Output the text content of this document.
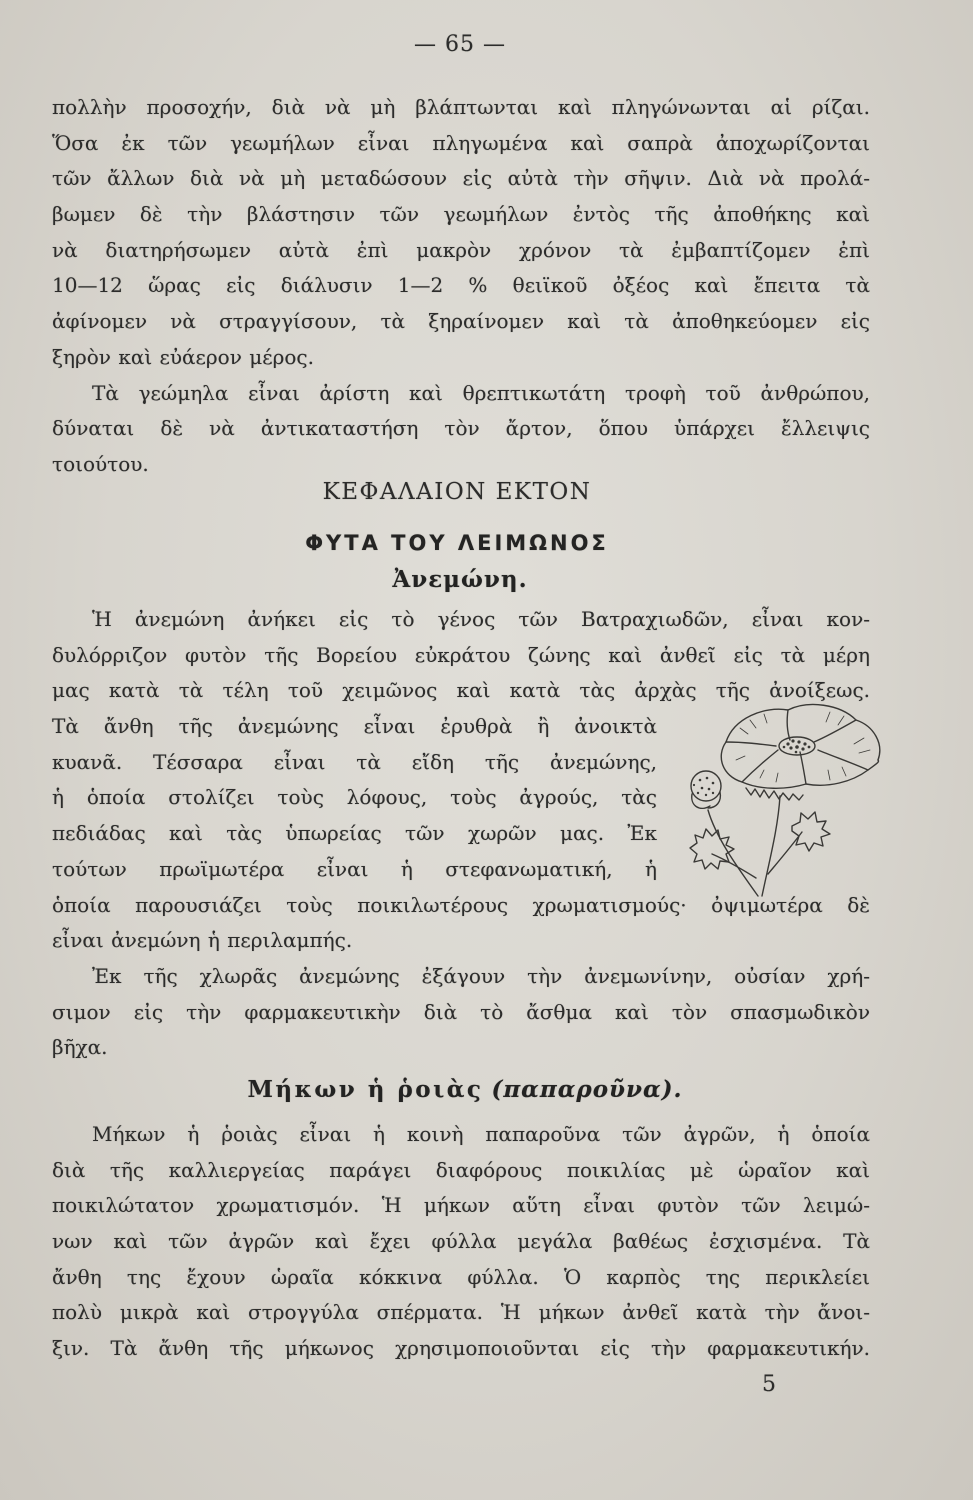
— 65 —
πολλὴν προσοχήν, διὰ νὰ μὴ βλάπτωνται καὶ πληγώνωνται αἱ ρίζαι.
Ὅσα ἐκ τῶν γεωμήλων εἶναι πληγωμένα καὶ σαπρὰ ἀποχωρίζονται
τῶν ἄλλων διὰ νὰ μὴ μεταδώσουν εἰς αὐτὰ τὴν σῆψιν. Διὰ νὰ προλά-
βωμεν δὲ τὴν βλάστησιν τῶν γεωμήλων ἐντὸς τῆς ἀποθήκης καὶ
νὰ διατηρήσωμεν αὐτὰ ἐπὶ μακρὸν χρόνον τὰ ἐμβαπτίζομεν ἐπὶ
10—12 ὥρας εἰς διάλυσιν 1—2 % θειϊκοῦ ὀξέος καὶ ἔπειτα τὰ
ἀφίνομεν νὰ στραγγίσουν, τὰ ξηραίνομεν καὶ τὰ ἀποθηκεύομεν εἰς
ξηρὸν καὶ εὐάερον μέρος.
Τὰ γεώμηλα εἶναι ἀρίστη καὶ θρεπτικωτάτη τροφὴ τοῦ ἀνθρώπου,
δύναται δὲ νὰ ἀντικαταστήση τὸν ἄρτον, ὅπου ὑπάρχει ἔλλειψις
τοιούτου.
ΚΕΦΑΛΑΙΟΝ ΕΚΤΟΝ
ΦΥΤΑ ΤΟΥ ΛΕΙΜΩΝΟΣ
Ἀνεμώνη.
Ἡ ἀνεμώνη ἀνήκει εἰς τὸ γένος τῶν Βατραχιωδῶν, εἶναι κον-
δυλόρριζον φυτὸν τῆς Βορείου εὐκράτου ζώνης καὶ ἀνθεῖ εἰς τὰ μέρη
μας κατὰ τὰ τέλη τοῦ χειμῶνος καὶ κατὰ τὰς ἀρχὰς τῆς ἀνοίξεως.
Τὰ ἄνθη τῆς ἀνεμώνης εἶναι ἐρυθρὰ ἢ ἀνοικτὰ
κυανᾶ. Τέσσαρα εἶναι τὰ εἴδη τῆς ἀνεμώνης,
ἡ ὁποία στολίζει τοὺς λόφους, τοὺς ἀγρούς, τὰς
πεδιάδας καὶ τὰς ὑπωρείας τῶν χωρῶν μας. Ἐκ
τούτων πρωϊμωτέρα εἶναι ἡ στεφανωματική, ἡ
ὁποία παρουσιάζει τοὺς ποικιλωτέρους χρωματισμούς· ὀψιμωτέρα δὲ
εἶναι ἀνεμώνη ἡ περιλαμπής.
Ἐκ τῆς χλωρᾶς ἀνεμώνης ἐξάγουν τὴν ἀνεμωνίνην, οὐσίαν χρή-
σιμον εἰς τὴν φαρμακευτικὴν διὰ τὸ ἄσθμα καὶ τὸν σπασμωδικὸν
βῆχα.
Μήκων ἡ ῥοιὰς (παπαροῦνα).
Μήκων ἡ ῥοιὰς εἶναι ἡ κοινὴ παπαροῦνα τῶν ἀγρῶν, ἡ ὁποία
διὰ τῆς καλλιεργείας παράγει διαφόρους ποικιλίας μὲ ὡραῖον καὶ
ποικιλώτατον χρωματισμόν. Ἡ μήκων αὕτη εἶναι φυτὸν τῶν λειμώ-
νων καὶ τῶν ἀγρῶν καὶ ἔχει φύλλα μεγάλα βαθέως ἐσχισμένα. Τὰ
ἄνθη της ἔχουν ὡραῖα κόκκινα φύλλα. Ὁ καρπὸς της περικλείει
πολὺ μικρὰ καὶ στρογγύλα σπέρματα. Ἡ μήκων ἀνθεῖ κατὰ τὴν ἄνοι-
ξιν. Τὰ ἄνθη τῆς μήκωνος χρησιμοποιοῦνται εἰς τὴν φαρμακευτικήν.
5
